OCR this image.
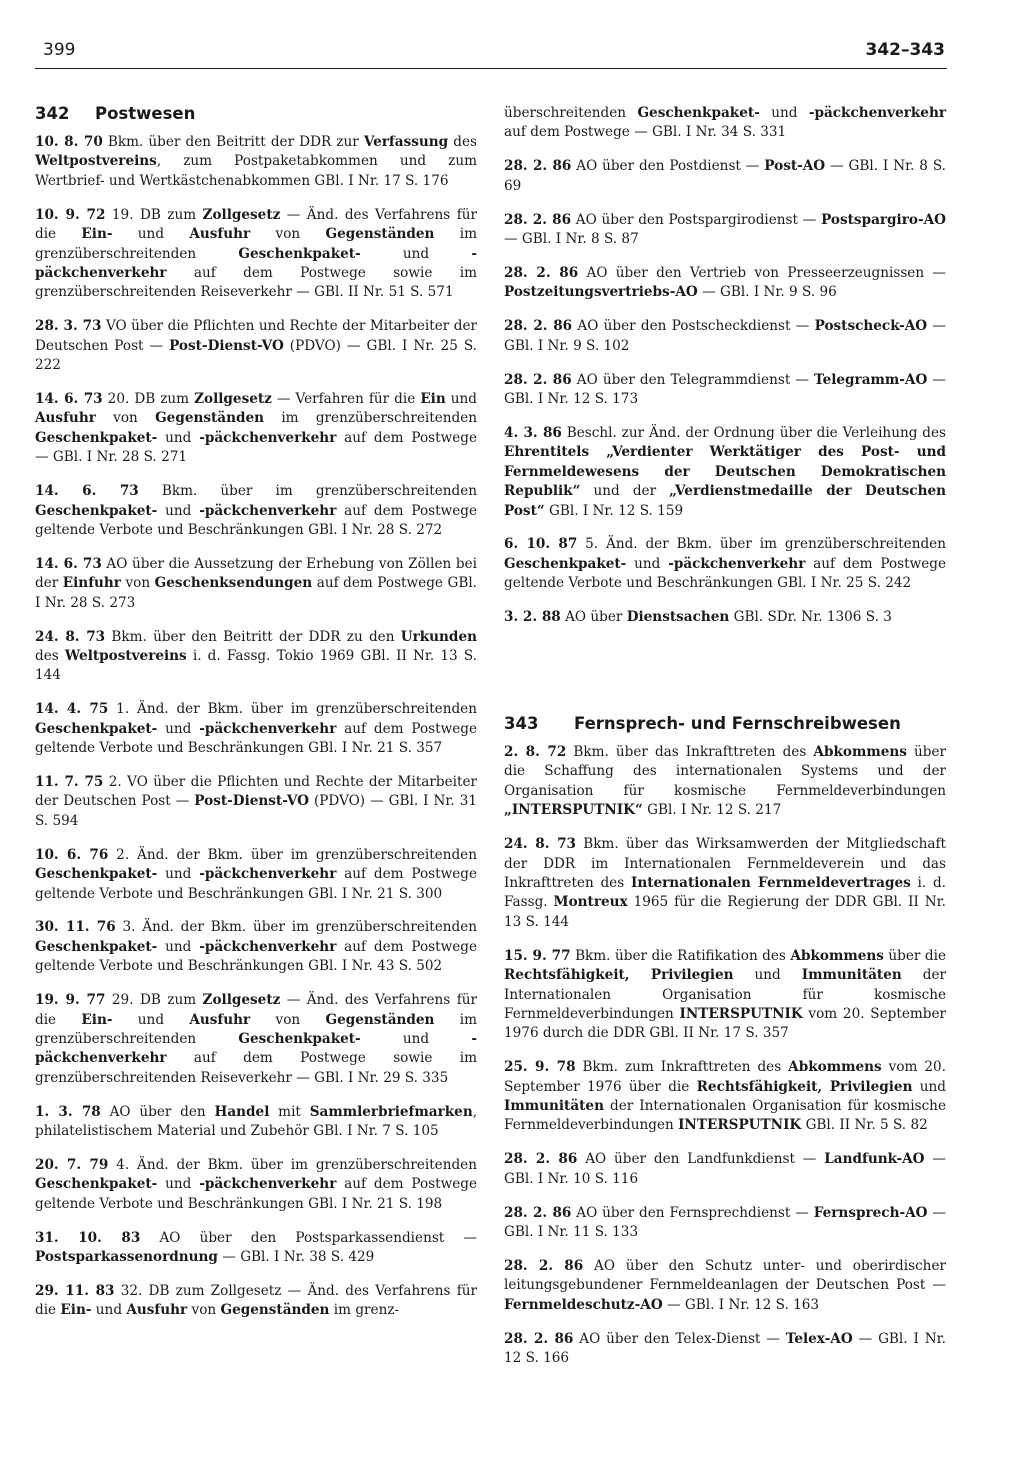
399	342–343
342	Postwesen

10. 8. 70 Bkm. über den Beitritt der DDR zur Verfassung des Weltpostvereins, zum Postpaketabkommen und zum Wertbrief- und Wertkästchenabkommen GBl. I Nr. 17 S. 176

10. 9. 72 19. DB zum Zollgesetz — Änd. des Verfahrens für die Ein- und Ausfuhr von Gegenständen im grenzüberschreitenden Geschenkpaket- und -päckchenverkehr auf dem Postwege sowie im grenzüberschreitenden Reiseverkehr — GBl. II Nr. 51 S. 571

28. 3. 73 VO über die Pflichten und Rechte der Mitarbeiter der Deutschen Post — Post-Dienst-VO (PDVO) — GBl. I Nr. 25 S. 222

14. 6. 73 20. DB zum Zollgesetz — Verfahren für die Ein und Ausfuhr von Gegenständen im grenzüberschreitenden Geschenkpaket- und -päckchenverkehr auf dem Postwege — GBl. I Nr. 28 S. 271

14. 6. 73 Bkm. über im grenzüberschreitenden Geschenkpaket- und -päckchenverkehr auf dem Postwege geltende Verbote und Beschränkungen GBl. I Nr. 28 S. 272

14. 6. 73 AO über die Aussetzung der Erhebung von Zöllen bei der Einfuhr von Geschenksendungen auf dem Postwege GBl. I Nr. 28 S. 273

24. 8. 73 Bkm. über den Beitritt der DDR zu den Urkunden des Weltpostvereins i. d. Fassg. Tokio 1969 GBl. II Nr. 13 S. 144

14. 4. 75 1. Änd. der Bkm. über im grenzüberschreitenden Geschenkpaket- und -päckchenverkehr auf dem Postwege geltende Verbote und Beschränkungen GBl. I Nr. 21 S. 357

11. 7. 75 2. VO über die Pflichten und Rechte der Mitarbeiter der Deutschen Post — Post-Dienst-VO (PDVO) — GBl. I Nr. 31 S. 594

10. 6. 76 2. Änd. der Bkm. über im grenzüberschreitenden Geschenkpaket- und -päckchenverkehr auf dem Postwege geltende Verbote und Beschränkungen GBl. I Nr. 21 S. 300

30. 11. 76 3. Änd. der Bkm. über im grenzüberschreitenden Geschenkpaket- und -päckchenverkehr auf dem Postwege geltende Verbote und Beschränkungen GBl. I Nr. 43 S. 502

19. 9. 77 29. DB zum Zollgesetz — Änd. des Verfahrens für die Ein- und Ausfuhr von Gegenständen im grenzüberschreitenden Geschenkpaket- und -päckchenverkehr auf dem Postwege sowie im grenzüberschreitenden Reiseverkehr — GBl. I Nr. 29 S. 335

1. 3. 78 AO über den Handel mit Sammlerbriefmarken, philatelistischem Material und Zubehör GBl. I Nr. 7 S. 105

20. 7. 79 4. Änd. der Bkm. über im grenzüberschreitenden Geschenkpaket- und -päckchenverkehr auf dem Postwege geltende Verbote und Beschränkungen GBl. I Nr. 21 S. 198

31. 10. 83 AO über den Postsparkassendienst — Postsparkassenordnung — GBl. I Nr. 38 S. 429

29. 11. 83 32. DB zum Zollgesetz — Änd. des Verfahrens für die Ein- und Ausfuhr von Gegenständen im grenz-

überschreitenden Geschenkpaket- und -päckchenverkehr auf dem Postwege — GBl. I Nr. 34 S. 331

28. 2. 86 AO über den Postdienst — Post-AO — GBl. I Nr. 8 S. 69

28. 2. 86 AO über den Postspargirodienst — Postspargiro-AO — GBl. I Nr. 8 S. 87

28. 2. 86 AO über den Vertrieb von Presseerzeugnissen — Postzeitungsvertriebs-AO — GBl. I Nr. 9 S. 96

28. 2. 86 AO über den Postscheckdienst — Postscheck-AO — GBl. I Nr. 9 S. 102

28. 2. 86 AO über den Telegrammdienst — Telegramm-AO — GBl. I Nr. 12 S. 173

4. 3. 86 Beschl. zur Änd. der Ordnung über die Verleihung des Ehrentitels „Verdienter Werktätiger des Post- und Fernmeldewesens der Deutschen Demokratischen Republik“ und der „Verdienstmedaille der Deutschen Post“ GBl. I Nr. 12 S. 159

6. 10. 87 5. Änd. der Bkm. über im grenzüberschreitenden Geschenkpaket- und -päckchenverkehr auf dem Postwege geltende Verbote und Beschränkungen GBl. I Nr. 25 S. 242

3. 2. 88 AO über Dienstsachen GBl. SDr. Nr. 1306 S. 3

343	Fernsprech- und Fernschreibwesen

2. 8. 72 Bkm. über das Inkrafttreten des Abkommens über die Schaffung des internationalen Systems und der Organisation für kosmische Fernmeldeverbindungen „INTERSPUTNIK“ GBl. I Nr. 12 S. 217

24. 8. 73 Bkm. über das Wirksamwerden der Mitgliedschaft der DDR im Internationalen Fernmeldeverein und das Inkrafttreten des Internationalen Fernmeldevertrages i. d. Fassg. Montreux 1965 für die Regierung der DDR GBl. II Nr. 13 S. 144

15. 9. 77 Bkm. über die Ratifikation des Abkommens über die Rechtsfähigkeit, Privilegien und Immunitäten der Internationalen Organisation für kosmische Fernmeldeverbindungen INTERSPUTNIK vom 20. September 1976 durch die DDR GBl. II Nr. 17 S. 357

25. 9. 78 Bkm. zum Inkrafttreten des Abkommens vom 20. September 1976 über die Rechtsfähigkeit, Privilegien und Immunitäten der Internationalen Organisation für kosmische Fernmeldeverbindungen INTERSPUTNIK GBl. II Nr. 5 S. 82

28. 2. 86 AO über den Landfunkdienst — Landfunk-AO — GBl. I Nr. 10 S. 116

28. 2. 86 AO über den Fernsprechdienst — Fernsprech-AO — GBl. I Nr. 11 S. 133

28. 2. 86 AO über den Schutz unter- und oberirdischer leitungsgebundener Fernmeldeanlagen der Deutschen Post — Fernmeldeschutz-AO — GBl. I Nr. 12 S. 163

28. 2. 86 AO über den Telex-Dienst — Telex-AO — GBl. I Nr. 12 S. 166
